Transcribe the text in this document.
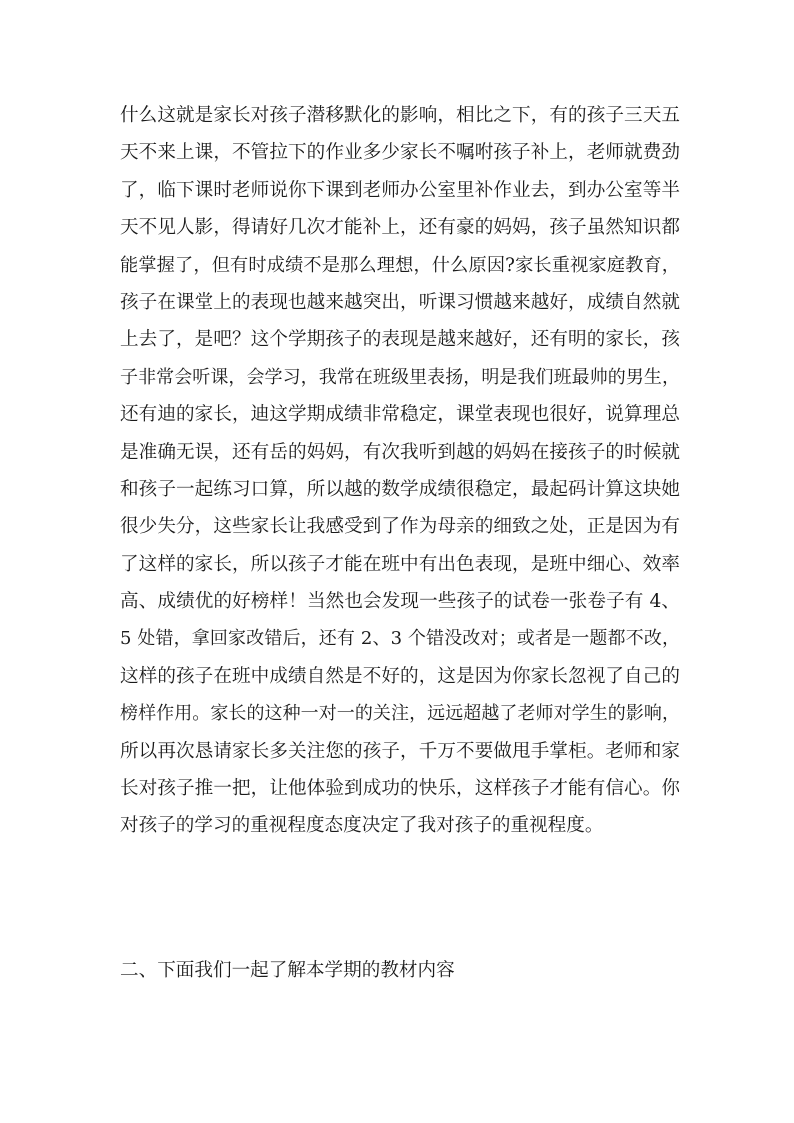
什么这就是家长对孩子潜移默化的影响，相比之下，有的孩子三天五
天不来上课，不管拉下的作业多少家长不嘱咐孩子补上，老师就费劲
了，临下课时老师说你下课到老师办公室里补作业去，到办公室等半
天不见人影，得请好几次才能补上，还有豪的妈妈，孩子虽然知识都
能掌握了，但有时成绩不是那么理想，什么原因?家长重视家庭教育，
孩子在课堂上的表现也越来越突出，听课习惯越来越好，成绩自然就
上去了，是吧？这个学期孩子的表现是越来越好，还有明的家长，孩
子非常会听课，会学习，我常在班级里表扬，明是我们班最帅的男生，
还有迪的家长，迪这学期成绩非常稳定，课堂表现也很好，说算理总
是准确无误，还有岳的妈妈，有次我听到越的妈妈在接孩子的时候就
和孩子一起练习口算，所以越的数学成绩很稳定，最起码计算这块她
很少失分，这些家长让我感受到了作为母亲的细致之处，正是因为有
了这样的家长，所以孩子才能在班中有出色表现，是班中细心、效率
高、成绩优的好榜样！当然也会发现一些孩子的试卷一张卷子有 4、
5 处错，拿回家改错后，还有 2、3 个错没改对；或者是一题都不改，
这样的孩子在班中成绩自然是不好的，这是因为你家长忽视了自己的
榜样作用。家长的这种一对一的关注，远远超越了老师对学生的影响，
所以再次恳请家长多关注您的孩子，千万不要做甩手掌柜。老师和家
长对孩子推一把，让他体验到成功的快乐，这样孩子才能有信心。你
对孩子的学习的重视程度态度决定了我对孩子的重视程度。
二、下面我们一起了解本学期的教材内容
